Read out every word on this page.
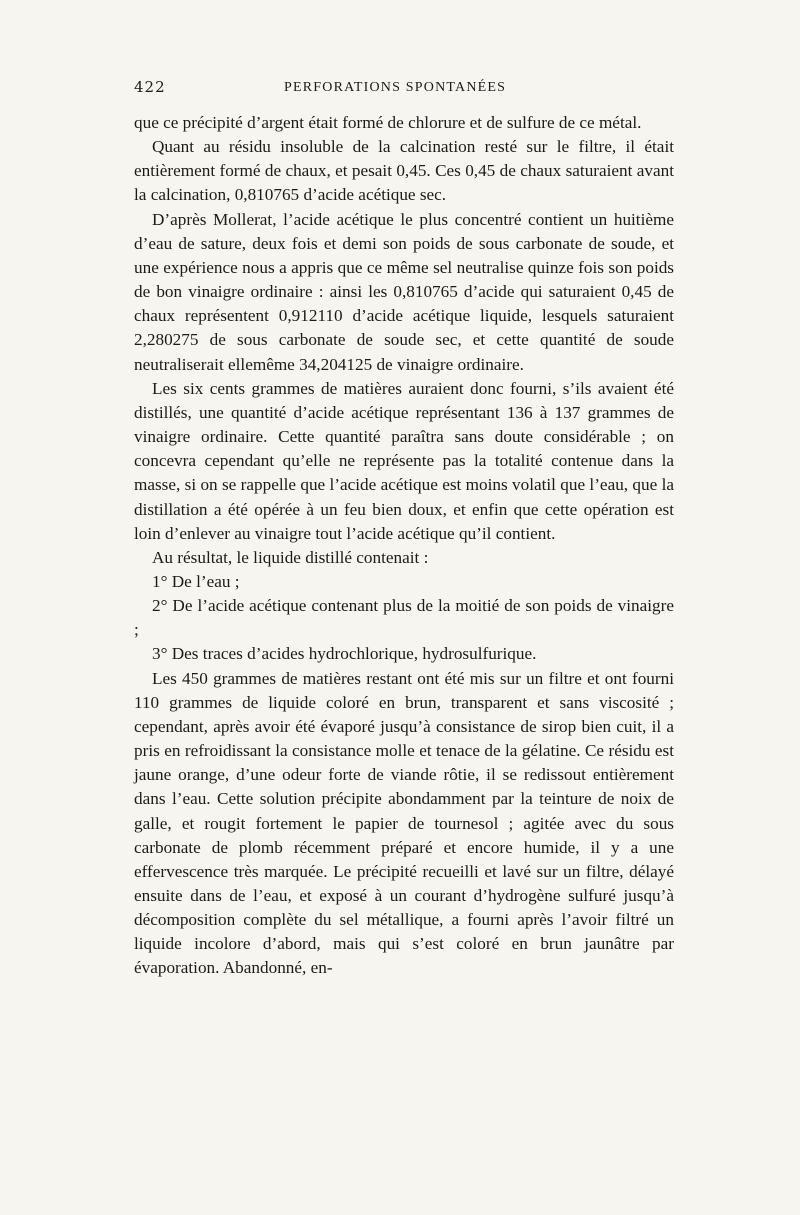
422	PERFORATIONS SPONTANÉES

que ce précipité d’argent était formé de chlorure et de sulfure de ce métal.

Quant au résidu insoluble de la calcination resté sur le filtre, il était entièrement formé de chaux, et pesait 0,45. Ces 0,45 de chaux saturaient avant la calcination, 0,810765 d’acide acétique sec.

D’après Mollerat, l’acide acétique le plus concentré contient un huitième d’eau de sature, deux fois et demi son poids de sous carbonate de soude, et une expérience nous a appris que ce même sel neutralise quinze fois son poids de bon vinaigre ordinaire : ainsi les 0,810765 d’acide qui saturaient 0,45 de chaux représentent 0,912110 d’acide acétique liquide, lesquels saturaient 2,280275 de sous carbonate de soude sec, et cette quantité de soude neutraliserait ellemême 34,204125 de vinaigre ordinaire.

Les six cents grammes de matières auraient donc fourni, s’ils avaient été distillés, une quantité d’acide acétique représentant 136 à 137 grammes de vinaigre ordinaire. Cette quantité paraîtra sans doute considérable ; on concevra cependant qu’elle ne représente pas la totalité contenue dans la masse, si on se rappelle que l’acide acétique est moins volatil que l’eau, que la distillation a été opérée à un feu bien doux, et enfin que cette opération est loin d’enlever au vinaigre tout l’acide acétique qu’il contient.

Au résultat, le liquide distillé contenait :

1° De l’eau ;

2° De l’acide acétique contenant plus de la moitié de son poids de vinaigre ;

3° Des traces d’acides hydrochlorique, hydrosulfurique.

Les 450 grammes de matières restant ont été mis sur un filtre et ont fourni 110 grammes de liquide coloré en brun, transparent et sans viscosité ; cependant, après avoir été évaporé jusqu’à consistance de sirop bien cuit, il a pris en refroidissant la consistance molle et tenace de la gélatine. Ce résidu est jaune orange, d’une odeur forte de viande rôtie, il se redissout entièrement dans l’eau. Cette solution précipite abondamment par la teinture de noix de galle, et rougit fortement le papier de tournesol ; agitée avec du sous carbonate de plomb récemment préparé et encore humide, il y a une effervescence très marquée. Le précipité recueilli et lavé sur un filtre, délayé ensuite dans de l’eau, et exposé à un courant d’hydrogène sulfuré jusqu’à décomposition complète du sel métallique, a fourni après l’avoir filtré un liquide incolore d’abord, mais qui s’est coloré en brun jaunâtre par évaporation. Abandonné, en-
